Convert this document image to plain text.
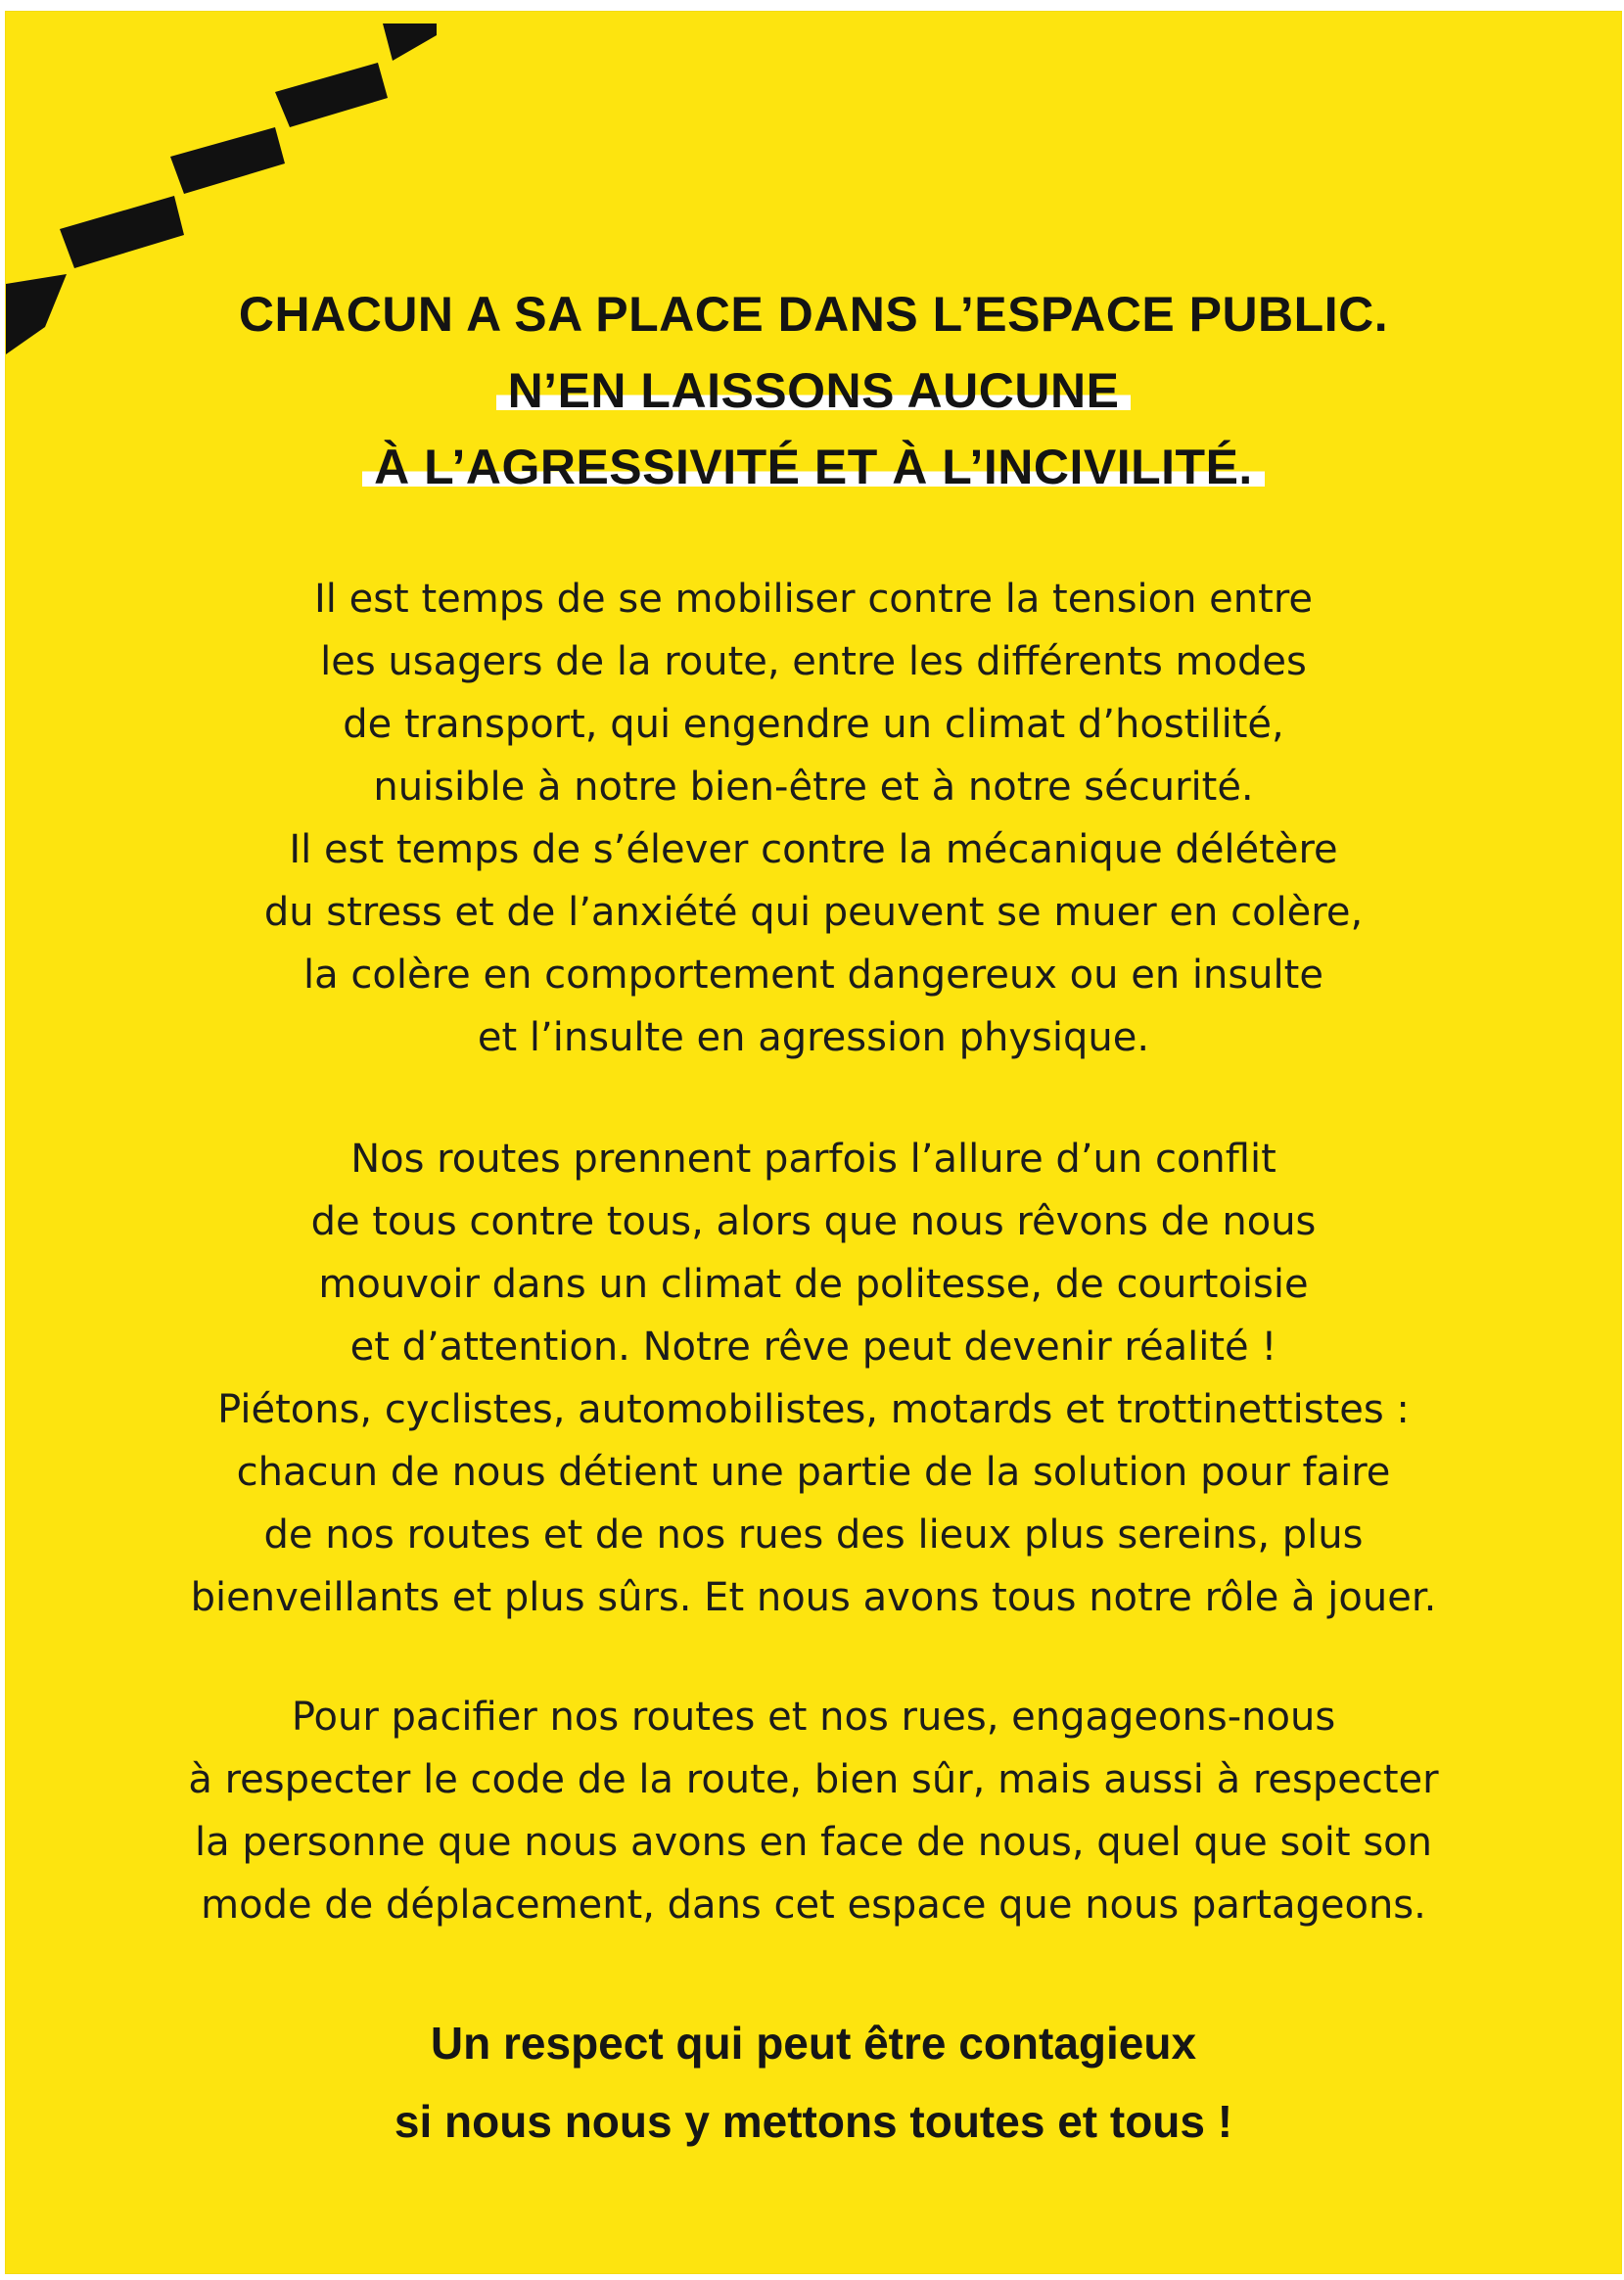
CHACUN A SA PLACE DANS L’ESPACE PUBLIC.
N’EN LAISSONS AUCUNE
À L’AGRESSIVITÉ ET À L’INCIVILITÉ.
Il est temps de se mobiliser contre la tension entre
les usagers de la route, entre les différents modes
de transport, qui engendre un climat d’hostilité,
nuisible à notre bien-être et à notre sécurité.
Il est temps de s’élever contre la mécanique délétère
du stress et de l’anxiété qui peuvent se muer en colère,
la colère en comportement dangereux ou en insulte
et l’insulte en agression physique.
Nos routes prennent parfois l’allure d’un conflit
de tous contre tous, alors que nous rêvons de nous
mouvoir dans un climat de politesse, de courtoisie
et d’attention. Notre rêve peut devenir réalité !
Piétons, cyclistes, automobilistes, motards et trottinettistes :
chacun de nous détient une partie de la solution pour faire
de nos routes et de nos rues des lieux plus sereins, plus
bienveillants et plus sûrs. Et nous avons tous notre rôle à jouer.
Pour pacifier nos routes et nos rues, engageons-nous
à respecter le code de la route, bien sûr, mais aussi à respecter
la personne que nous avons en face de nous, quel que soit son
mode de déplacement, dans cet espace que nous partageons.
Un respect qui peut être contagieux
si nous nous y mettons toutes et tous !
